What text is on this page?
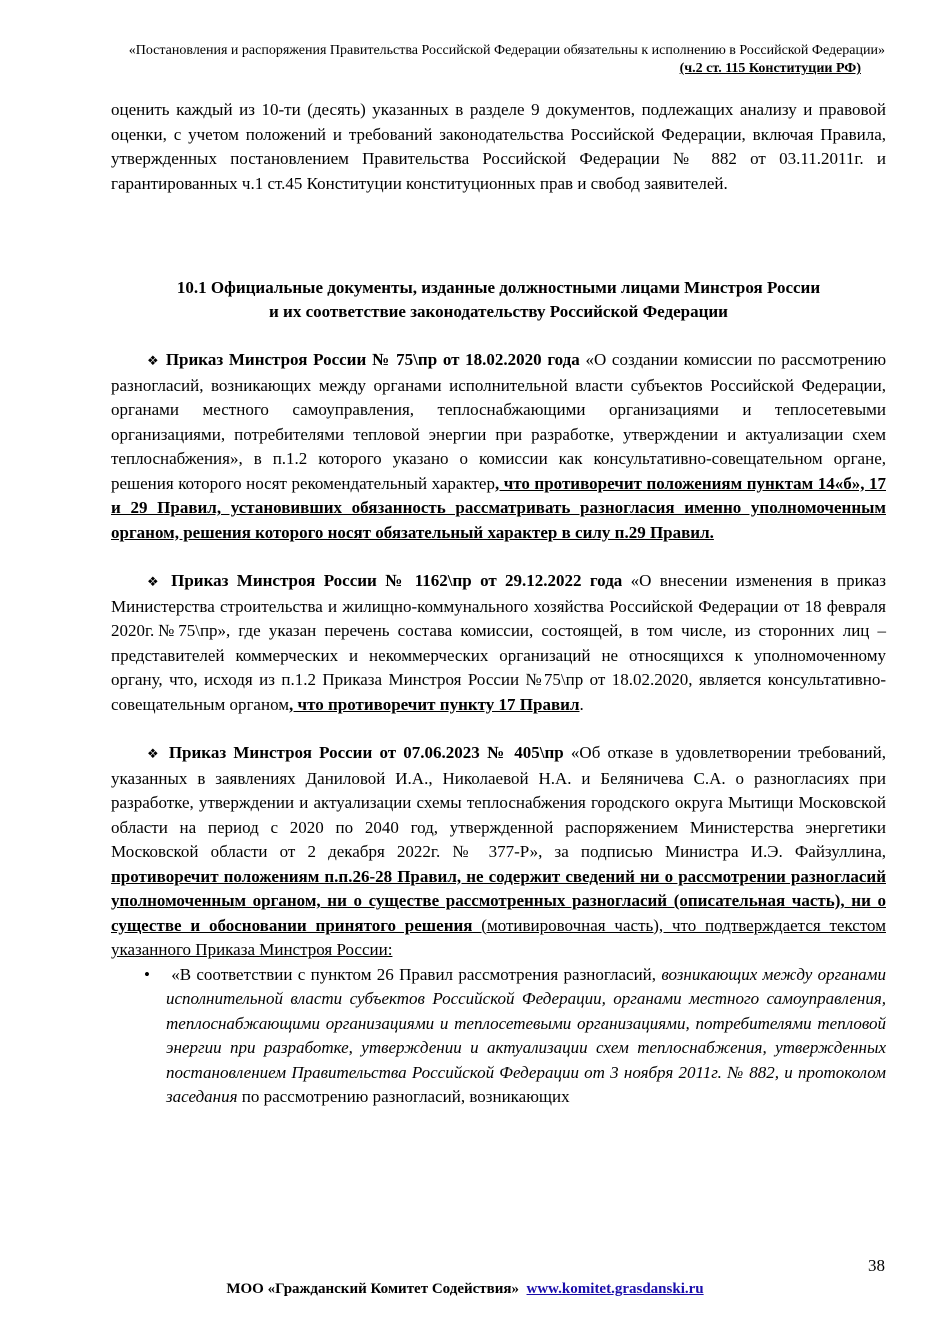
«Постановления и распоряжения Правительства Российской Федерации обязательны к исполнению в Российской Федерации»

(ч.2 ст. 115 Конституции РФ)

оценить каждый из 10-ти (десять) указанных в разделе 9 документов, подлежащих анализу и правовой оценки, с учетом положений и требований законодательства Российской Федерации, включая Правила, утвержденных постановлением Правительства Российской Федерации № 882 от 03.11.2011г. и гарантированных ч.1 ст.45 Конституции конституционных прав и свобод заявителей.

10.1 Официальные документы, изданные должностными лицами Минстроя России
и их соответствие законодательству Российской Федерации

❖ Приказ Минстроя России № 75\пр от 18.02.2020 года «О создании комиссии по рассмотрению разногласий, возникающих между органами исполнительной власти субъектов Российской Федерации, органами местного самоуправления, теплоснабжающими организациями и теплосетевыми организациями, потребителями тепловой энергии при разработке, утверждении и актуализации схем теплоснабжения», в п.1.2 которого указано о комиссии как консультативно-совещательном органе, решения которого носят рекомендательный характер, что противоречит положениям пунктам 14«б», 17 и 29 Правил, установивших обязанность рассматривать разногласия именно уполномоченным органом, решения которого носят обязательный характер в силу п.29 Правил.

❖ Приказ Минстроя России № 1162\пр от 29.12.2022 года «О внесении изменения в приказ Министерства строительства и жилищно-коммунального хозяйства Российской Федерации от 18 февраля 2020г.№75\пр», где указан перечень состава комиссии, состоящей, в том числе, из сторонних лиц – представителей коммерческих и некоммерческих организаций не относящихся к уполномоченному органу, что, исходя из п.1.2 Приказа Минстроя России №75\пр от 18.02.2020, является консультативно-совещательным органом, что противоречит пункту 17 Правил.

❖ Приказ Минстроя России от 07.06.2023 № 405\пр «Об отказе в удовлетворении требований, указанных в заявлениях Даниловой И.А., Николаевой Н.А. и Беляничева С.А. о разногласиях при разработке, утверждении и актуализации схемы теплоснабжения городского округа Мытищи Московской области на период с 2020 по 2040 год, утвержденной распоряжением Министерства энергетики Московской области от 2 декабря 2022г. № 377-Р», за подписью Министра И.Э. Файзуллина, противоречит положениям п.п.26-28 Правил, не содержит сведений ни о рассмотрении разногласий уполномоченным органом, ни о существе рассмотренных разногласий (описательная часть), ни о существе и обосновании принятого решения (мотивировочная часть), что подтверждается текстом указанного Приказа Минстроя России:

• «В соответствии с пунктом 26 Правил рассмотрения разногласий, возникающих между органами исполнительной власти субъектов Российской Федерации, органами местного самоуправления, теплоснабжающими организациями и теплосетевыми организациями, потребителями тепловой энергии при разработке, утверждении и актуализации схем теплоснабжения, утвержденных постановлением Правительства Российской Федерации от 3 ноября 2011г. № 882, и протоколом заседания по рассмотрению разногласий, возникающих

38
МОО «Гражданский Комитет Содействия» www.komitet.grasdanski.ru
